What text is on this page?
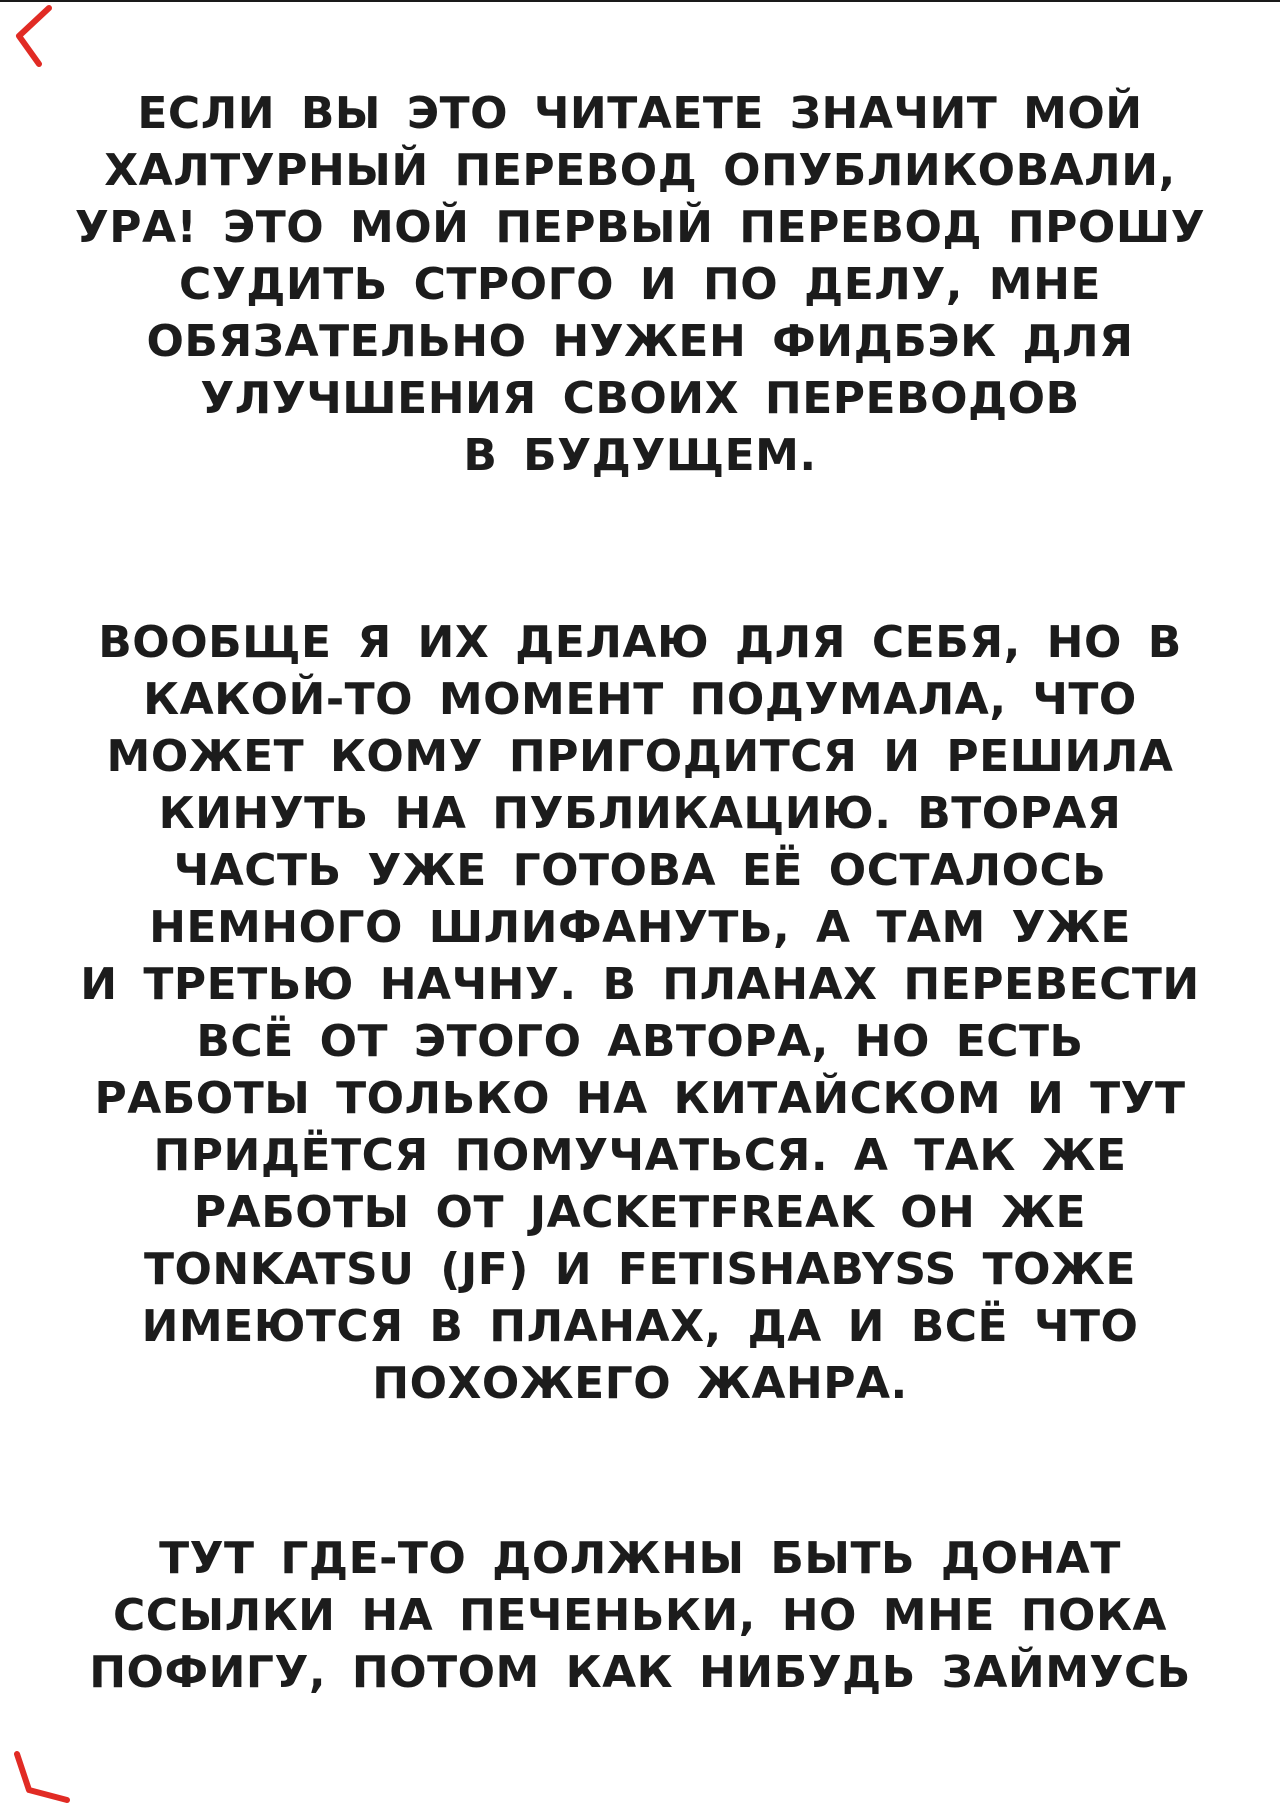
ЕСЛИ ВЫ ЭТО ЧИТАЕТЕ ЗНАЧИТ МОЙ
ХАЛТУРНЫЙ ПЕРЕВОД ОПУБЛИКОВАЛИ,
УРА! ЭТО МОЙ ПЕРВЫЙ ПЕРЕВОД ПРОШУ
СУДИТЬ СТРОГО И ПО ДЕЛУ, МНЕ
ОБЯЗАТЕЛЬНО НУЖЕН ФИДБЭК ДЛЯ
УЛУЧШЕНИЯ СВОИХ ПЕРЕВОДОВ
В БУДУЩЕМ.
ВООБЩЕ Я ИХ ДЕЛАЮ ДЛЯ СЕБЯ, НО В
КАКОЙ-ТО МОМЕНТ ПОДУМАЛА, ЧТО
МОЖЕТ КОМУ ПРИГОДИТСЯ И РЕШИЛА
КИНУТЬ НА ПУБЛИКАЦИЮ. ВТОРАЯ
ЧАСТЬ УЖЕ ГОТОВА ЕЁ ОСТАЛОСЬ
НЕМНОГО ШЛИФАНУТЬ, А ТАМ УЖЕ
И ТРЕТЬЮ НАЧНУ. В ПЛАНАХ ПЕРЕВЕСТИ
ВСЁ ОТ ЭТОГО АВТОРА, НО ЕСТЬ
РАБОТЫ ТОЛЬКО НА КИТАЙСКОМ И ТУТ
ПРИДЁТСЯ ПОМУЧАТЬСЯ. А ТАК ЖЕ
РАБОТЫ ОТ JACKETFREAK ОН ЖЕ
TONKATSU (JF) И FETISHABYSS ТОЖЕ
ИМЕЮТСЯ В ПЛАНАХ, ДА И ВСЁ ЧТО
ПОХОЖЕГО ЖАНРА.
ТУТ ГДЕ-ТО ДОЛЖНЫ БЫТЬ ДОНАТ
ССЫЛКИ НА ПЕЧЕНЬКИ, НО МНЕ ПОКА
ПОФИГУ, ПОТОМ КАК НИБУДЬ ЗАЙМУСЬ
